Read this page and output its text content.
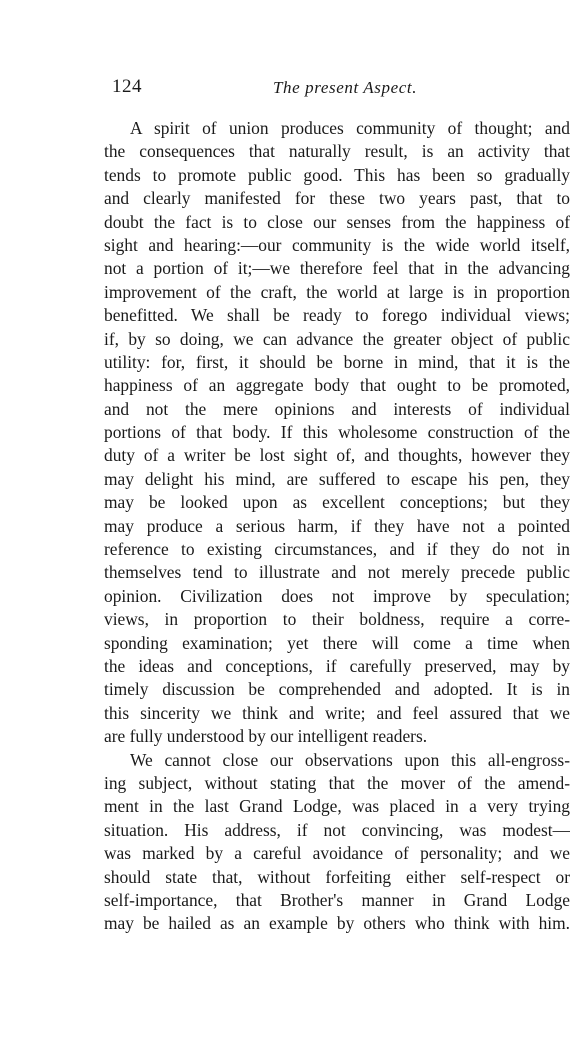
124	The present Aspect.
A spirit of union produces community of thought; and
the consequences that naturally result, is an activity that
tends to promote public good. This has been so gradually
and clearly manifested for these two years past, that to
doubt the fact is to close our senses from the happiness of
sight and hearing:—our community is the wide world itself,
not a portion of it;—we therefore feel that in the advancing
improvement of the craft, the world at large is in proportion
benefitted. We shall be ready to forego individual views;
if, by so doing, we can advance the greater object of public
utility: for, first, it should be borne in mind, that it is the
happiness of an aggregate body that ought to be promoted,
and not the mere opinions and interests of individual
portions of that body. If this wholesome construction of the
duty of a writer be lost sight of, and thoughts, however they
may delight his mind, are suffered to escape his pen, they
may be looked upon as excellent conceptions; but they
may produce a serious harm, if they have not a pointed
reference to existing circumstances, and if they do not in
themselves tend to illustrate and not merely precede public
opinion. Civilization does not improve by speculation;
views, in proportion to their boldness, require a corre-
sponding examination; yet there will come a time when
the ideas and conceptions, if carefully preserved, may by
timely discussion be comprehended and adopted. It is in
this sincerity we think and write; and feel assured that we
are fully understood by our intelligent readers.
We cannot close our observations upon this all-engross-
ing subject, without stating that the mover of the amend-
ment in the last Grand Lodge, was placed in a very trying
situation. His address, if not convincing, was modest—
was marked by a careful avoidance of personality; and we
should state that, without forfeiting either self-respect or
self-importance, that Brother's manner in Grand Lodge
may be hailed as an example by others who think with him.
